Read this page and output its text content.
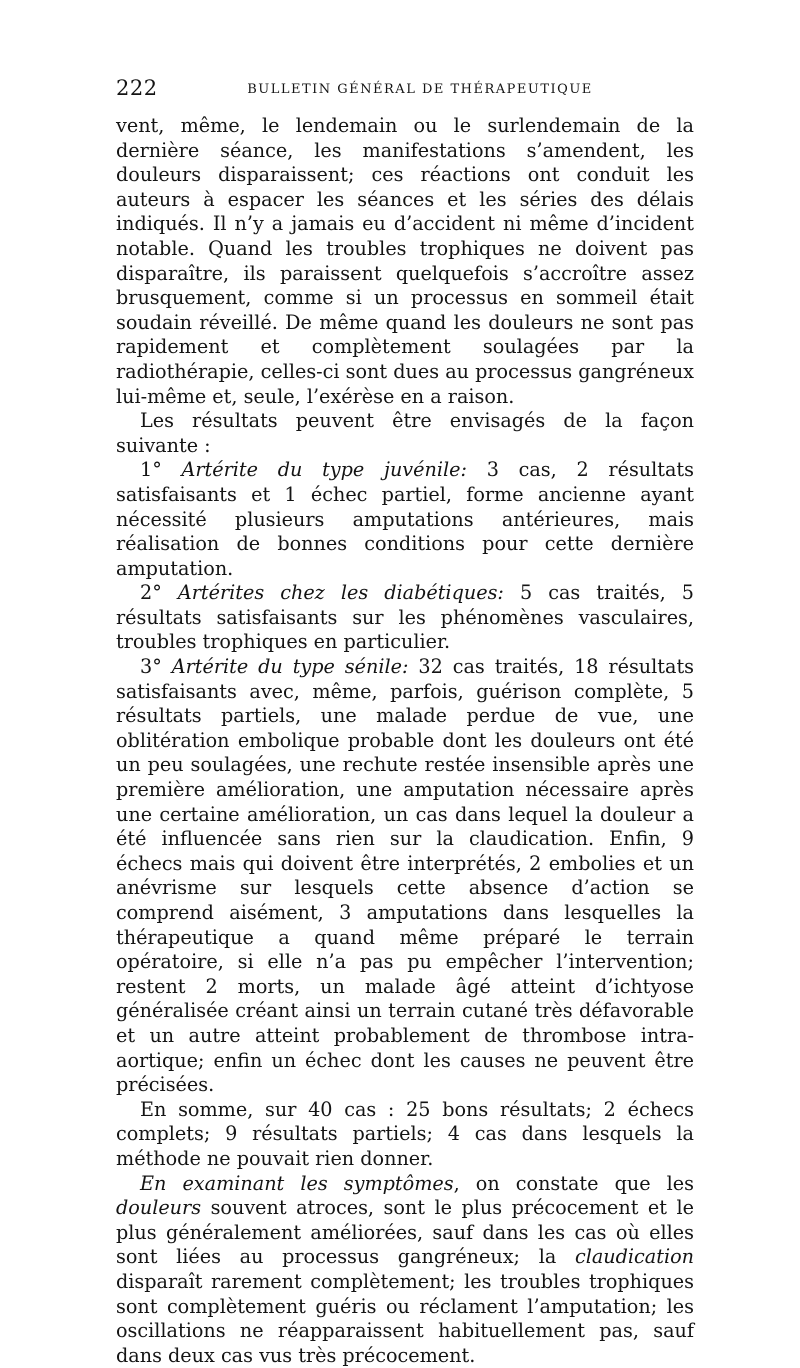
222	BULLETIN GÉNÉRAL DE THÉRAPEUTIQUE

vent, même, le lendemain ou le surlendemain de la dernière séance, les manifestations s’amendent, les douleurs disparaissent; ces réactions ont conduit les auteurs à espacer les séances et les séries des délais indiqués. Il n’y a jamais eu d’accident ni même d’incident notable. Quand les troubles trophiques ne doivent pas disparaître, ils paraissent quelquefois s’accroître assez brusquement, comme si un processus en sommeil était soudain réveillé. De même quand les douleurs ne sont pas rapidement et complètement soulagées par la radiothérapie, celles-ci sont dues au processus gangréneux lui-même et, seule, l’exérèse en a raison.

Les résultats peuvent être envisagés de la façon suivante :

1° Artérite du type juvénile: 3 cas, 2 résultats satisfaisants et 1 échec partiel, forme ancienne ayant nécessité plusieurs amputations antérieures, mais réalisation de bonnes conditions pour cette dernière amputation.

2° Artérites chez les diabétiques: 5 cas traités, 5 résultats satisfaisants sur les phénomènes vasculaires, troubles trophiques en particulier.

3° Artérite du type sénile: 32 cas traités, 18 résultats satisfaisants avec, même, parfois, guérison complète, 5 résultats partiels, une malade perdue de vue, une oblitération embolique probable dont les douleurs ont été un peu soulagées, une rechute restée insensible après une première amélioration, une amputation nécessaire après une certaine amélioration, un cas dans lequel la douleur a été influencée sans rien sur la claudication. Enfin, 9 échecs mais qui doivent être interprétés, 2 embolies et un anévrisme sur lesquels cette absence d’action se comprend aisément, 3 amputations dans lesquelles la thérapeutique a quand même préparé le terrain opératoire, si elle n’a pas pu empêcher l’intervention; restent 2 morts, un malade âgé atteint d’ichtyose généralisée créant ainsi un terrain cutané très défavorable et un autre atteint probablement de thrombose intra-aortique; enfin un échec dont les causes ne peuvent être précisées.

En somme, sur 40 cas : 25 bons résultats; 2 échecs complets; 9 résultats partiels; 4 cas dans lesquels la méthode ne pouvait rien donner.

En examinant les symptômes, on constate que les douleurs souvent atroces, sont le plus précocement et le plus généralement améliorées, sauf dans les cas où elles sont liées au processus gangréneux; la claudication disparaît rarement complètement; les troubles trophiques sont complètement guéris ou réclament l’amputation; les oscillations ne réapparaissent habituellement pas, sauf dans deux cas vus très précocement.
